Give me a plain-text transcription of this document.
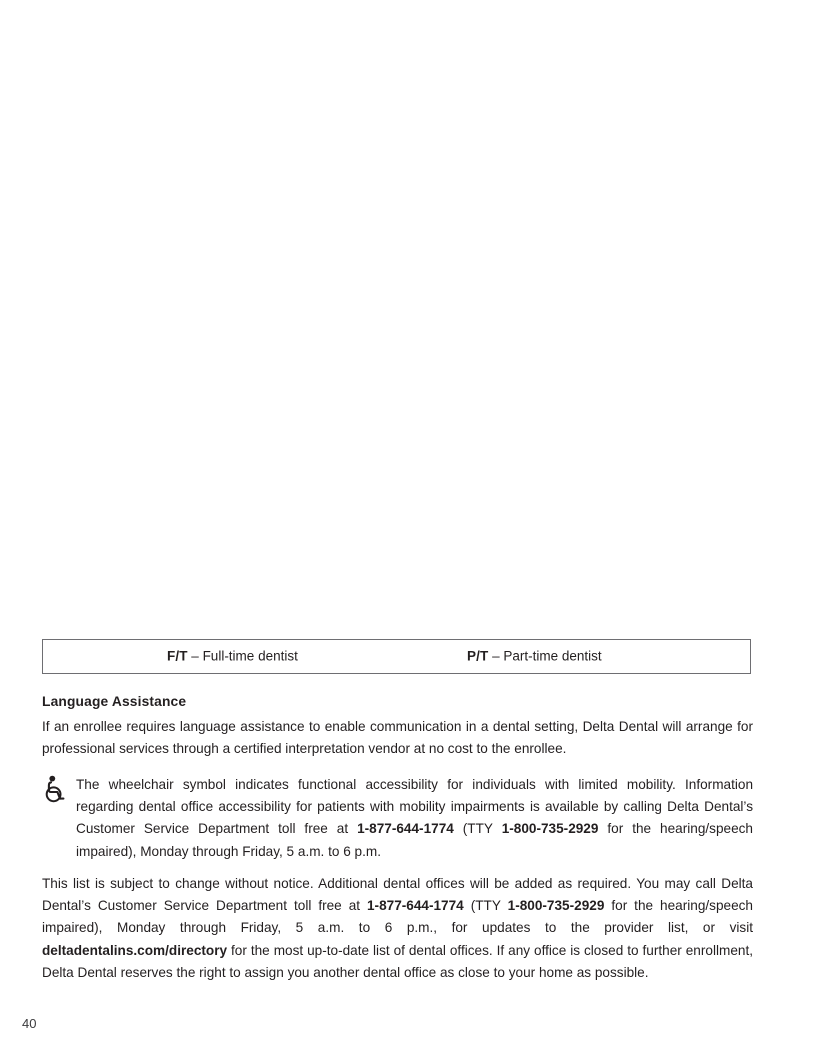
F/T – Full-time dentist	P/T – Part-time dentist
Language Assistance
If an enrollee requires language assistance to enable communication in a dental setting, Delta Dental will arrange for professional services through a certified interpretation vendor at no cost to the enrollee.
The wheelchair symbol indicates functional accessibility for individuals with limited mobility. Information regarding dental office accessibility for patients with mobility impairments is available by calling Delta Dental’s Customer Service Department toll free at 1-877-644-1774 (TTY 1-800-735-2929 for the hearing/speech impaired), Monday through Friday, 5 a.m. to 6 p.m.
This list is subject to change without notice. Additional dental offices will be added as required. You may call Delta Dental’s Customer Service Department toll free at 1-877-644-1774 (TTY 1-800-735-2929 for the hearing/speech impaired), Monday through Friday, 5 a.m. to 6 p.m., for updates to the provider list, or visit deltadentalins.com/directory for the most up-to-date list of dental offices. If any office is closed to further enrollment, Delta Dental reserves the right to assign you another dental office as close to your home as possible.
40
